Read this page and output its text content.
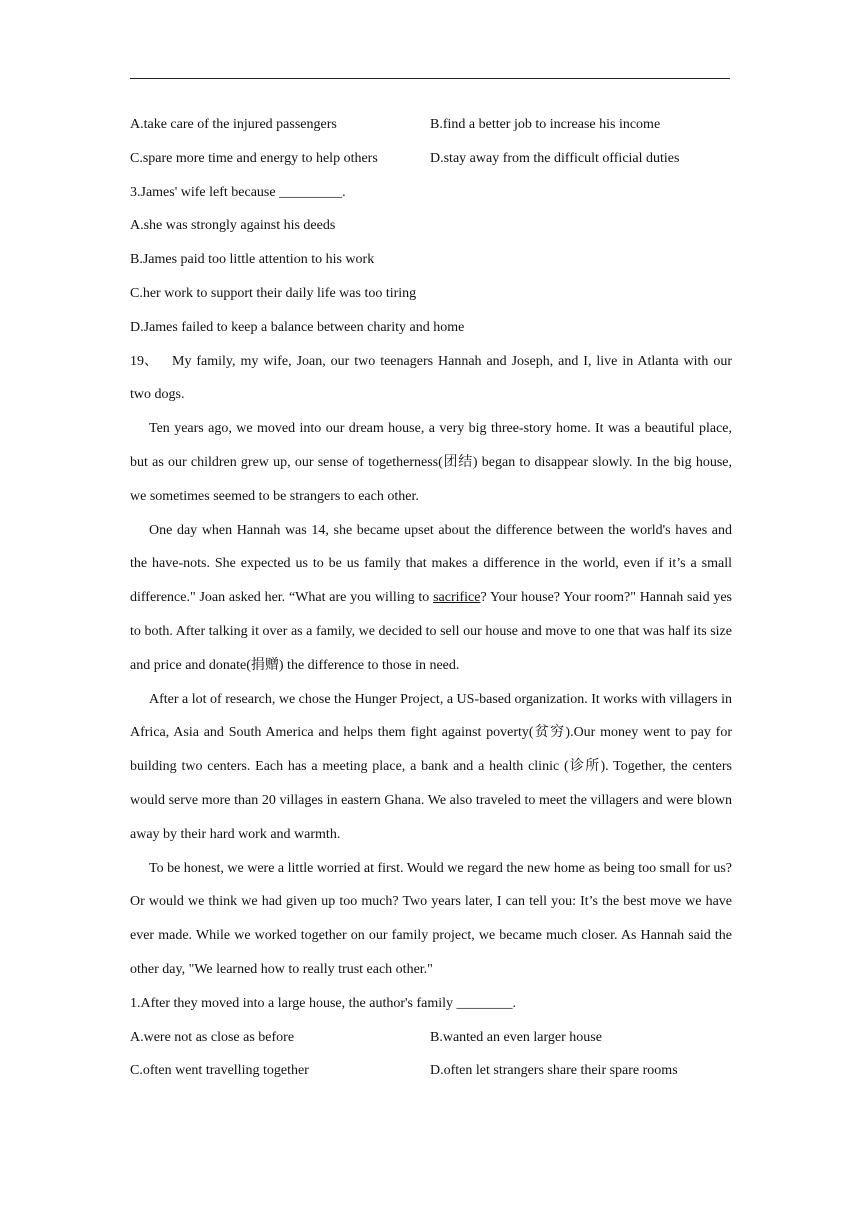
A.take care of the injured passengers	B.find a better job to increase his income
C.spare more time and energy to help others	D.stay away from the difficult official duties
3.James' wife left because _________.
A.she was strongly against his deeds
B.James paid too little attention to his work
C.her work to support their daily life was too tiring
D.James failed to keep a balance between charity and home
19、 My family, my wife, Joan, our two teenagers Hannah and Joseph, and I, live in Atlanta with our two dogs.
Ten years ago, we moved into our dream house, a very big three-story home. It was a beautiful place, but as our children grew up, our sense of togetherness(团结) began to disappear slowly. In the big house, we sometimes seemed to be strangers to each other.
One day when Hannah was 14, she became upset about the difference between the world's haves and the have-nots. She expected us to be us family that makes a difference in the world, even if it’s a small difference." Joan asked her. “What are you willing to sacrifice? Your house? Your room?" Hannah said yes to both. After talking it over as a family, we decided to sell our house and move to one that was half its size and price and donate(捐赠) the difference to those in need.
After a lot of research, we chose the Hunger Project, a US-based organization. It works with villagers in Africa, Asia and South America and helps them fight against poverty(贫穷).Our money went to pay for building two centers. Each has a meeting place, a bank and a health clinic (诊所). Together, the centers would serve more than 20 villages in eastern Ghana. We also traveled to meet the villagers and were blown away by their hard work and warmth.
To be honest, we were a little worried at first. Would we regard the new home as being too small for us? Or would we think we had given up too much? Two years later, I can tell you: It’s the best move we have ever made. While we worked together on our family project, we became much closer. As Hannah said the other day, "We learned how to really trust each other."
1.After they moved into a large house, the author's family ________.
A.were not as close as before	B.wanted an even larger house
C.often went travelling together	D.often let strangers share their spare rooms
